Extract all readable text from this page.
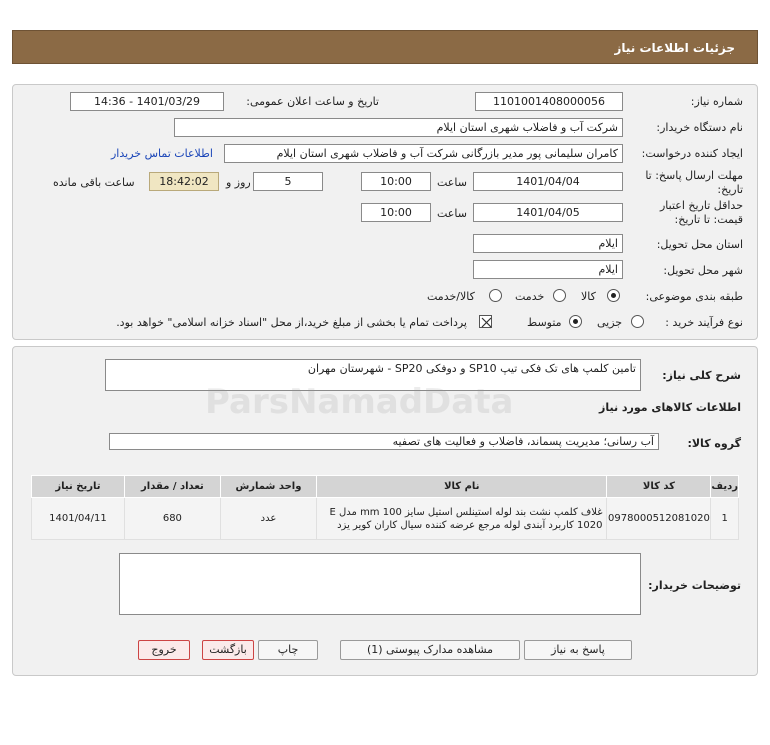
جزئیات اطلاعات نیاز
شماره نیاز:
1101001408000056
تاریخ و ساعت اعلان عمومی:
1401/03/29 - 14:36
نام دستگاه خریدار:
شرکت آب و فاضلاب شهری استان ایلام
ایجاد کننده درخواست:
کامران سلیمانی پور مدیر بازرگانی شرکت آب و فاضلاب شهری استان ایلام
اطلاعات تماس خریدار
مهلت ارسال پاسخ: تا
تاریخ:
1401/04/04
ساعت
10:00
5
روز و
18:42:02
ساعت باقی مانده
حداقل تاریخ اعتبار
قیمت: تا تاریخ:
1401/04/05
ساعت
10:00
استان محل تحویل:
ایلام
شهر محل تحویل:
ایلام
طبقه بندی موضوعی:
کالا
خدمت
کالا/خدمت
نوع فرآیند خرید :
جزیی
متوسط
پرداخت تمام یا بخشی از مبلغ خرید،از محل "اسناد خزانه اسلامی" خواهد بود.
شرح کلی نیاز:
تامین کلمپ های تک فکی تیپ SP10 و دوفکی SP20 - شهرستان مهران
اطلاعات کالاهای مورد نیاز
گروه کالا:
آب رسانی؛ مدیریت پسماند، فاضلاب و فعالیت های تصفیه
تاریخ نیاز	تعداد / مقدار	واحد شمارش	نام کالا	کد کالا	ردیف
1401/04/11	680	عدد	غلاف کلمپ نشت بند لوله استینلس استیل سایز 100 mm مدل E 1020 کاربرد آبندی لوله مرجع عرضه کننده سیال کاران کویر یزد	0978000512081020	1
توضیحات خریدار:
پاسخ به نیاز
مشاهده مدارک پیوستی (1)
چاپ
بازگشت
خروج
